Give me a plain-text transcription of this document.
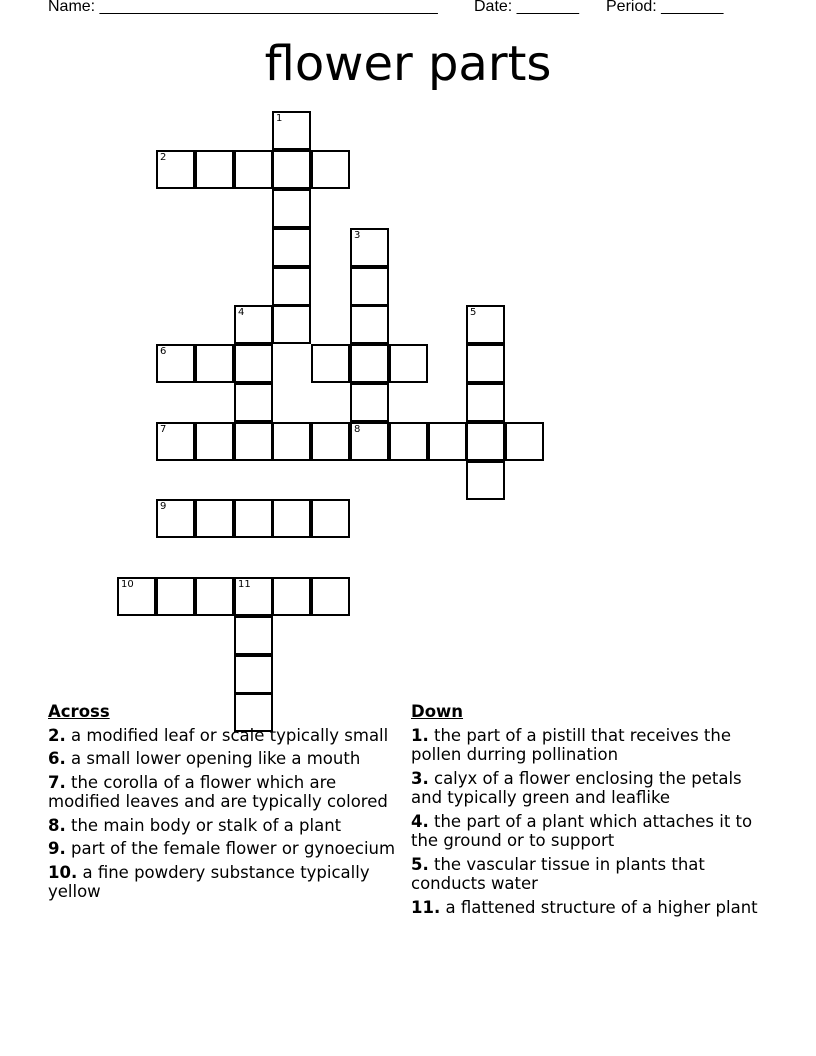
Name: ______________________________________

Date: _______

Period: _______

flower parts
1
2
3
4	5
6
7	8
9
10	11
Across
2. a modified leaf or scale typically small
6. a small lower opening like a mouth
7. the corolla of a flower which are modified leaves and are typically colored
8. the main body or stalk of a plant
9. part of the female flower or gynoecium
10. a fine powdery substance typically yellow
Down
1. the part of a pistill that receives the pollen durring pollination
3. calyx of a flower enclosing the petals and typically green and leaflike
4. the part of a plant which attaches it to the ground or to support
5. the vascular tissue in plants that conducts water
11. a flattened structure of a higher plant
